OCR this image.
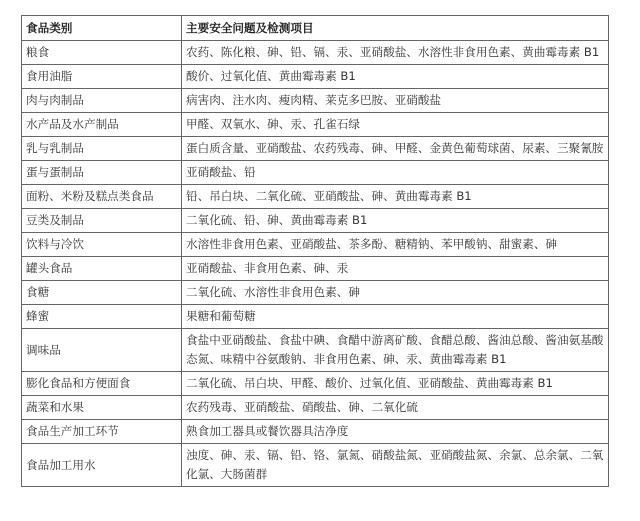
食品类别	主要安全问题及检测项目
粮食	农药、陈化粮、砷、铅、镉、汞、亚硝酸盐、水溶性非食用色素、黄曲霉毒素 B1
食用油脂	酸价、过氧化值、黄曲霉毒素 B1
肉与肉制品	病害肉、注水肉、瘦肉精、莱克多巴胺、亚硝酸盐
水产品及水产制品	甲醛、双氧水、砷、汞、孔雀石绿
乳与乳制品	蛋白质含量、亚硝酸盐、农药残毒、砷、甲醛、金黄色葡萄球菌、尿素、三聚氰胺
蛋与蛋制品	亚硝酸盐、铅
面粉、米粉及糕点类食品	铅、吊白块、二氧化硫、亚硝酸盐、砷、黄曲霉毒素 B1
豆类及制品	二氧化硫、铅、砷、黄曲霉毒素 B1
饮料与冷饮	水溶性非食用色素、亚硝酸盐、茶多酚、糖精钠、苯甲酸钠、甜蜜素、砷
罐头食品	亚硝酸盐、非食用色素、砷、汞
食糖	二氧化硫、水溶性非食用色素、砷
蜂蜜	果糖和葡萄糖
调味品	食盐中亚硝酸盐、食盐中碘、食醋中游离矿酸、食醋总酸、酱油总酸、酱油氨基酸态氮、味精中谷氨酸钠、非食用色素、砷、汞、黄曲霉毒素 B1
膨化食品和方便面食	二氧化硫、吊白块、甲醛、酸价、过氧化值、亚硝酸盐、黄曲霉毒素 B1
蔬菜和水果	农药残毒、亚硝酸盐、硝酸盐、砷、二氧化硫
食品生产加工环节	熟食加工器具或餐饮器具洁净度
食品加工用水	浊度、砷、汞、镉、铅、铬、氯氮、硝酸盐氮、亚硝酸盐氮、余氯、总余氯、二氧化氯、大肠菌群
